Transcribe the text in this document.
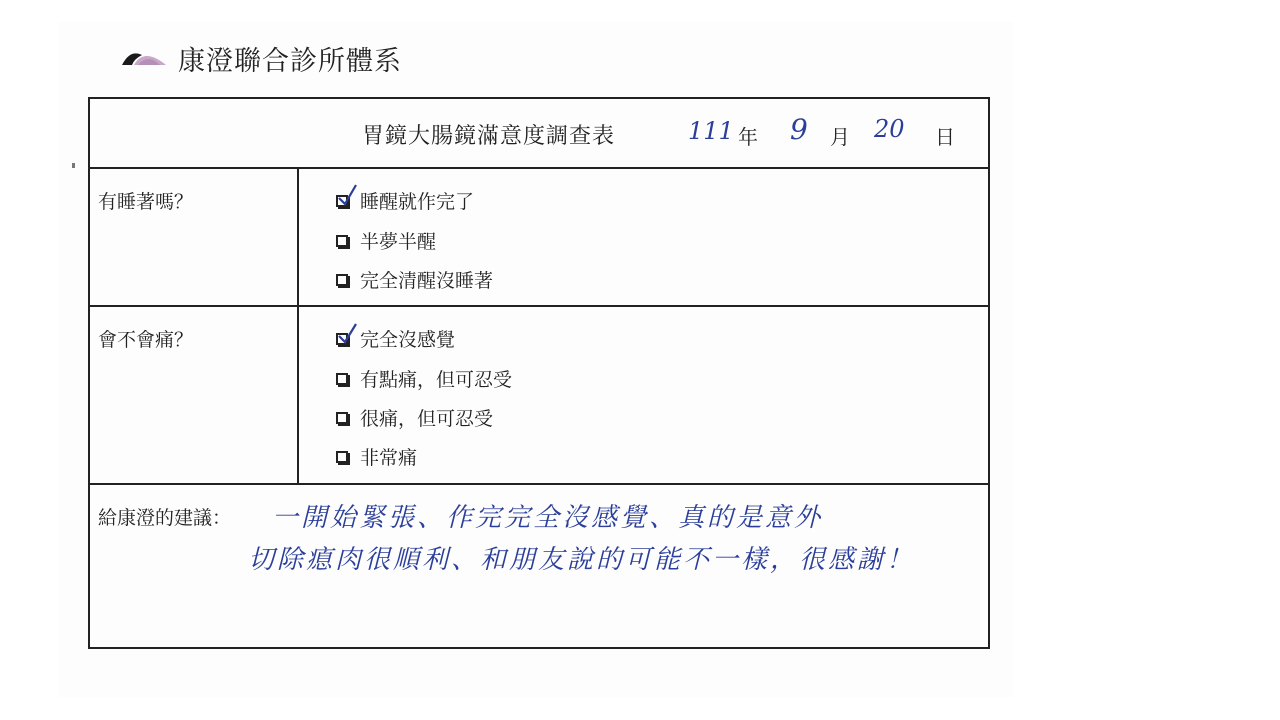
康澄聯合診所體系
胃鏡大腸鏡滿意度調查表	111 年 9 月 20 日
有睡著嗎？	睡醒就作完了
半夢半醒
完全清醒沒睡著
會不會痛？	完全沒感覺
有點痛，但可忍受
很痛，但可忍受
非常痛
給康澄的建議： 一開始緊張、作完完全沒感覺、真的是意外
切除瘜肉很順利、和朋友說的可能不一樣，很感謝！
